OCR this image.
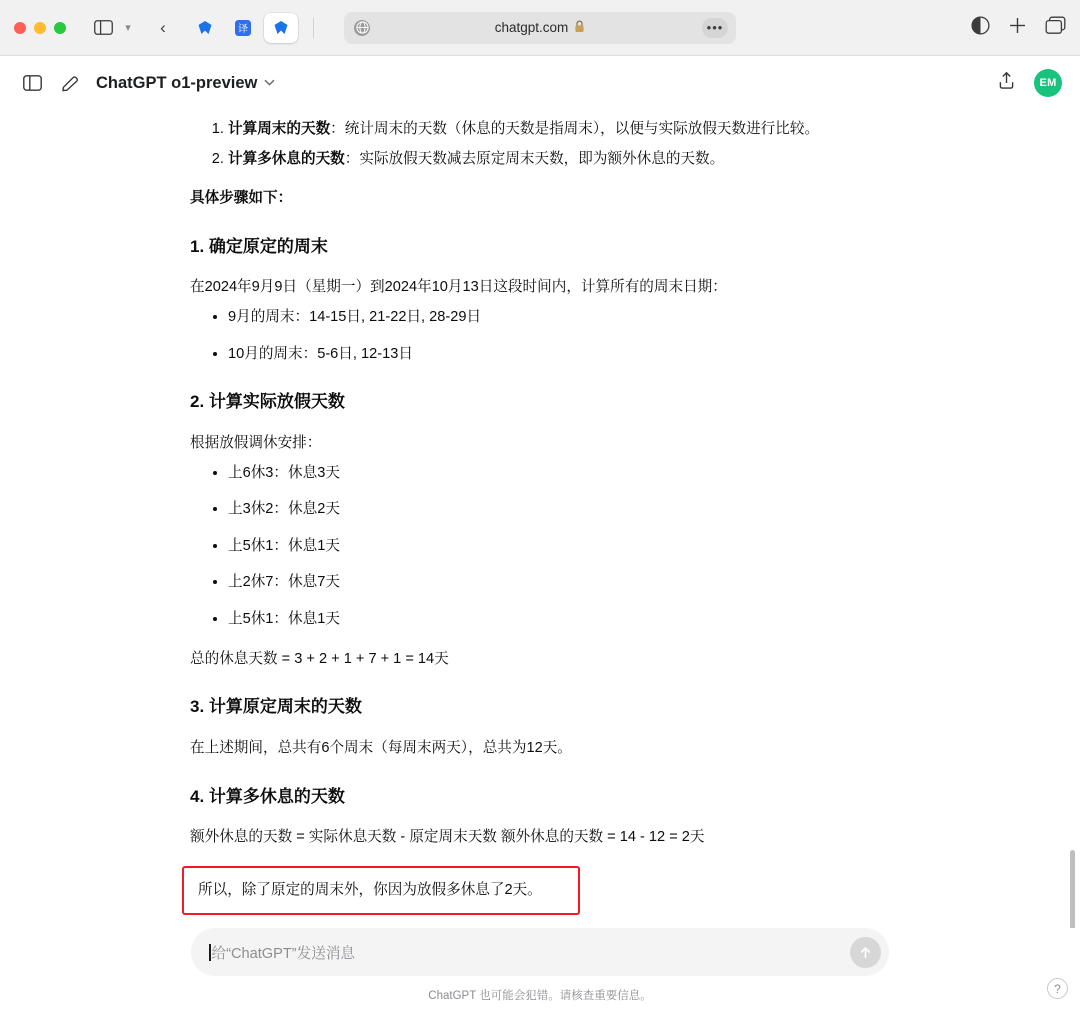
▾	‹	译	chatgpt.com	•••
ChatGPT o1-preview	EM
1. 计算周末的天数：统计周末的天数（休息的天数是指周末），以便与实际放假天数进行比较。
2. 计算多休息的天数：实际放假天数减去原定周末天数，即为额外休息的天数。
具体步骤如下：
1. 确定原定的周末
在2024年9月9日（星期一）到2024年10月13日这段时间内，计算所有的周末日期：
• 9月的周末：14-15日, 21-22日, 28-29日
• 10月的周末：5-6日, 12-13日
2. 计算实际放假天数
根据放假调休安排：
• 上6休3：休息3天
• 上3休2：休息2天
• 上5休1：休息1天
• 上2休7：休息7天
• 上5休1：休息1天
总的休息天数 = 3 + 2 + 1 + 7 + 1 = 14天
3. 计算原定周末的天数
在上述期间，总共有6个周末（每周末两天），总共为12天。
4. 计算多休息的天数
额外休息的天数 = 实际休息天数 - 原定周末天数 额外休息的天数 = 14 - 12 = 2天
所以，除了原定的周末外，你因为放假多休息了2天。
给“ChatGPT”发送消息
ChatGPT 也可能会犯错。请核查重要信息。
?
